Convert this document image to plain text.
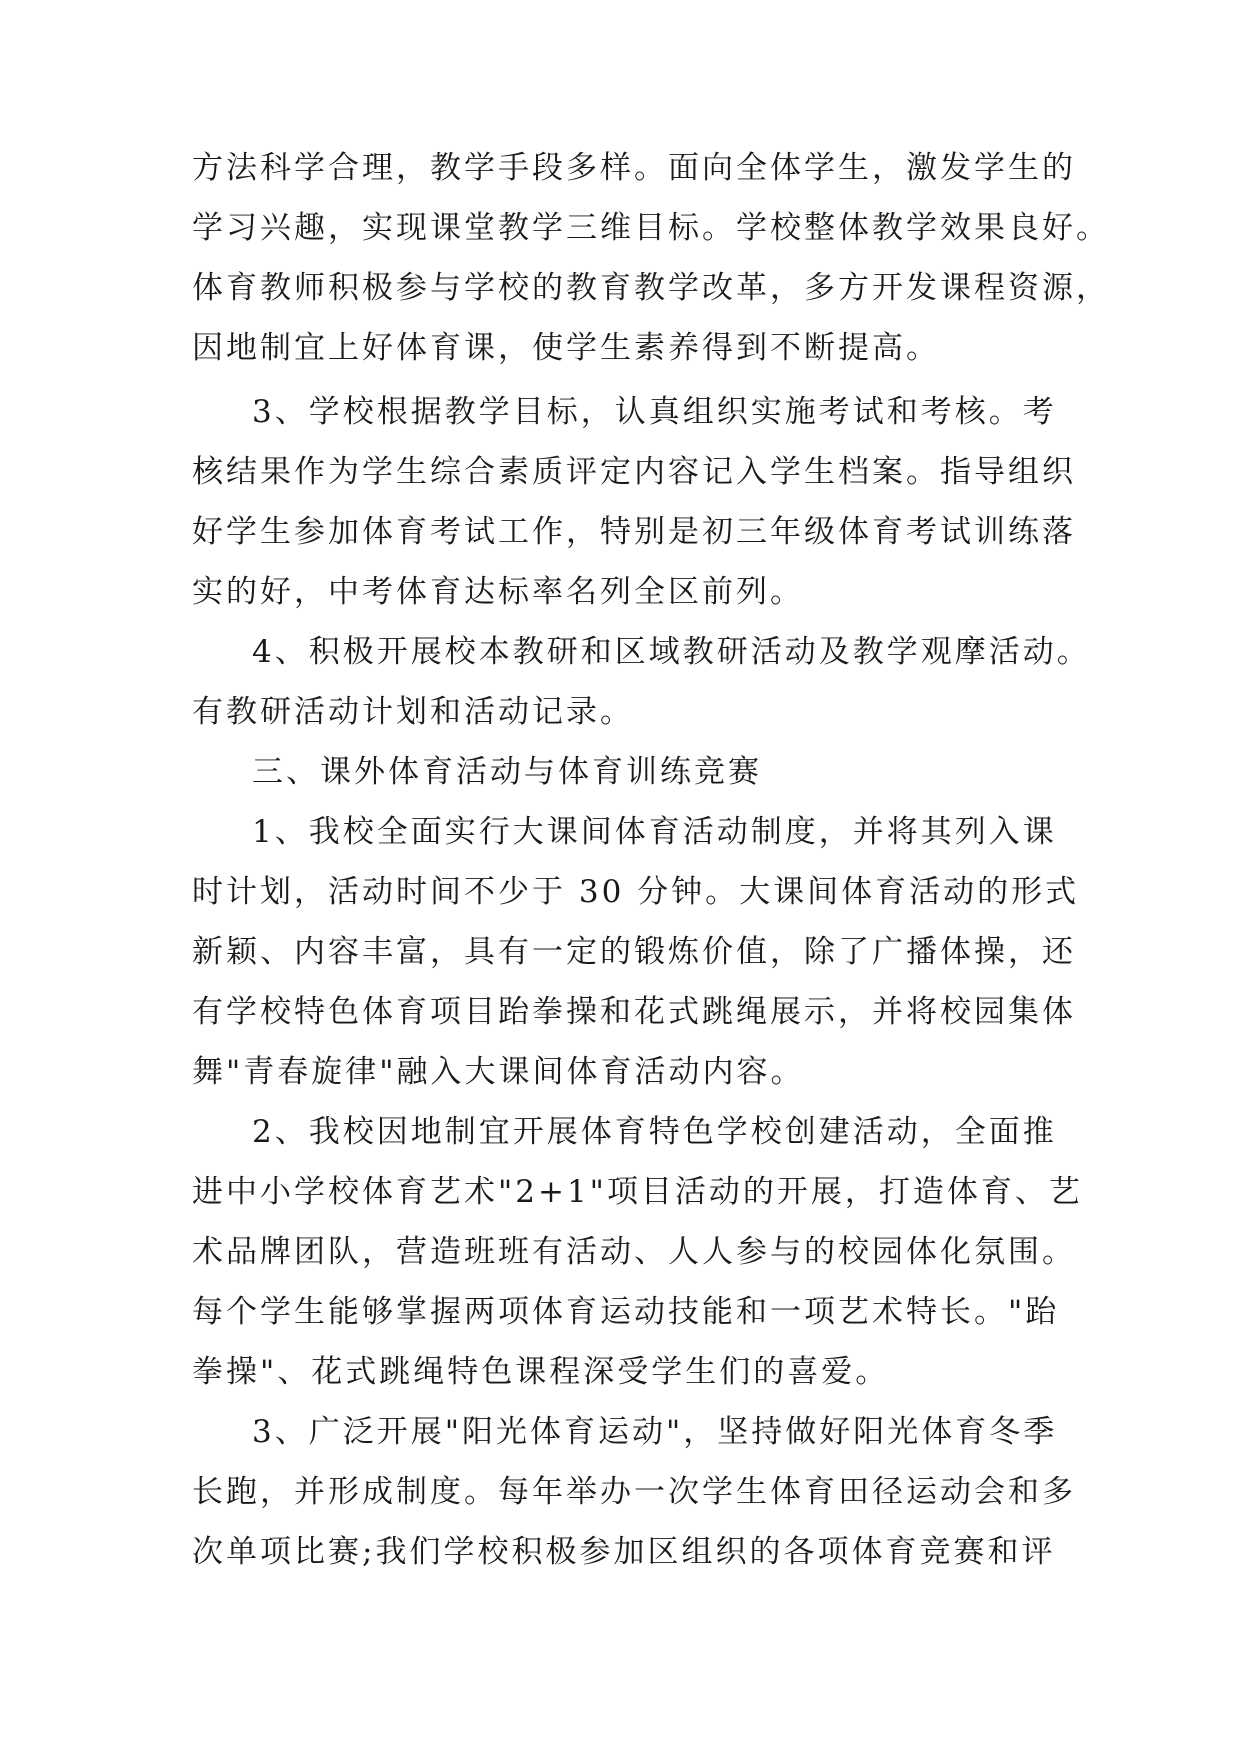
方法科学合理，教学手段多样。面向全体学生，激发学生的
学习兴趣，实现课堂教学三维目标。学校整体教学效果良好。
体育教师积极参与学校的教育教学改革，多方开发课程资源，
因地制宜上好体育课，使学生素养得到不断提高。
3、学校根据教学目标，认真组织实施考试和考核。考
核结果作为学生综合素质评定内容记入学生档案。指导组织
好学生参加体育考试工作，特别是初三年级体育考试训练落
实的好，中考体育达标率名列全区前列。
4、积极开展校本教研和区域教研活动及教学观摩活动。
有教研活动计划和活动记录。
三、课外体育活动与体育训练竞赛
1、我校全面实行大课间体育活动制度，并将其列入课
时计划，活动时间不少于 30 分钟。大课间体育活动的形式
新颖、内容丰富，具有一定的锻炼价值，除了广播体操，还
有学校特色体育项目跆拳操和花式跳绳展示，并将校园集体
舞"青春旋律"融入大课间体育活动内容。
2、我校因地制宜开展体育特色学校创建活动，全面推
进中小学校体育艺术"2+1"项目活动的开展，打造体育、艺
术品牌团队，营造班班有活动、人人参与的校园体化氛围。
每个学生能够掌握两项体育运动技能和一项艺术特长。"跆
拳操"、花式跳绳特色课程深受学生们的喜爱。
3、广泛开展"阳光体育运动"，坚持做好阳光体育冬季
长跑，并形成制度。每年举办一次学生体育田径运动会和多
次单项比赛;我们学校积极参加区组织的各项体育竞赛和评
